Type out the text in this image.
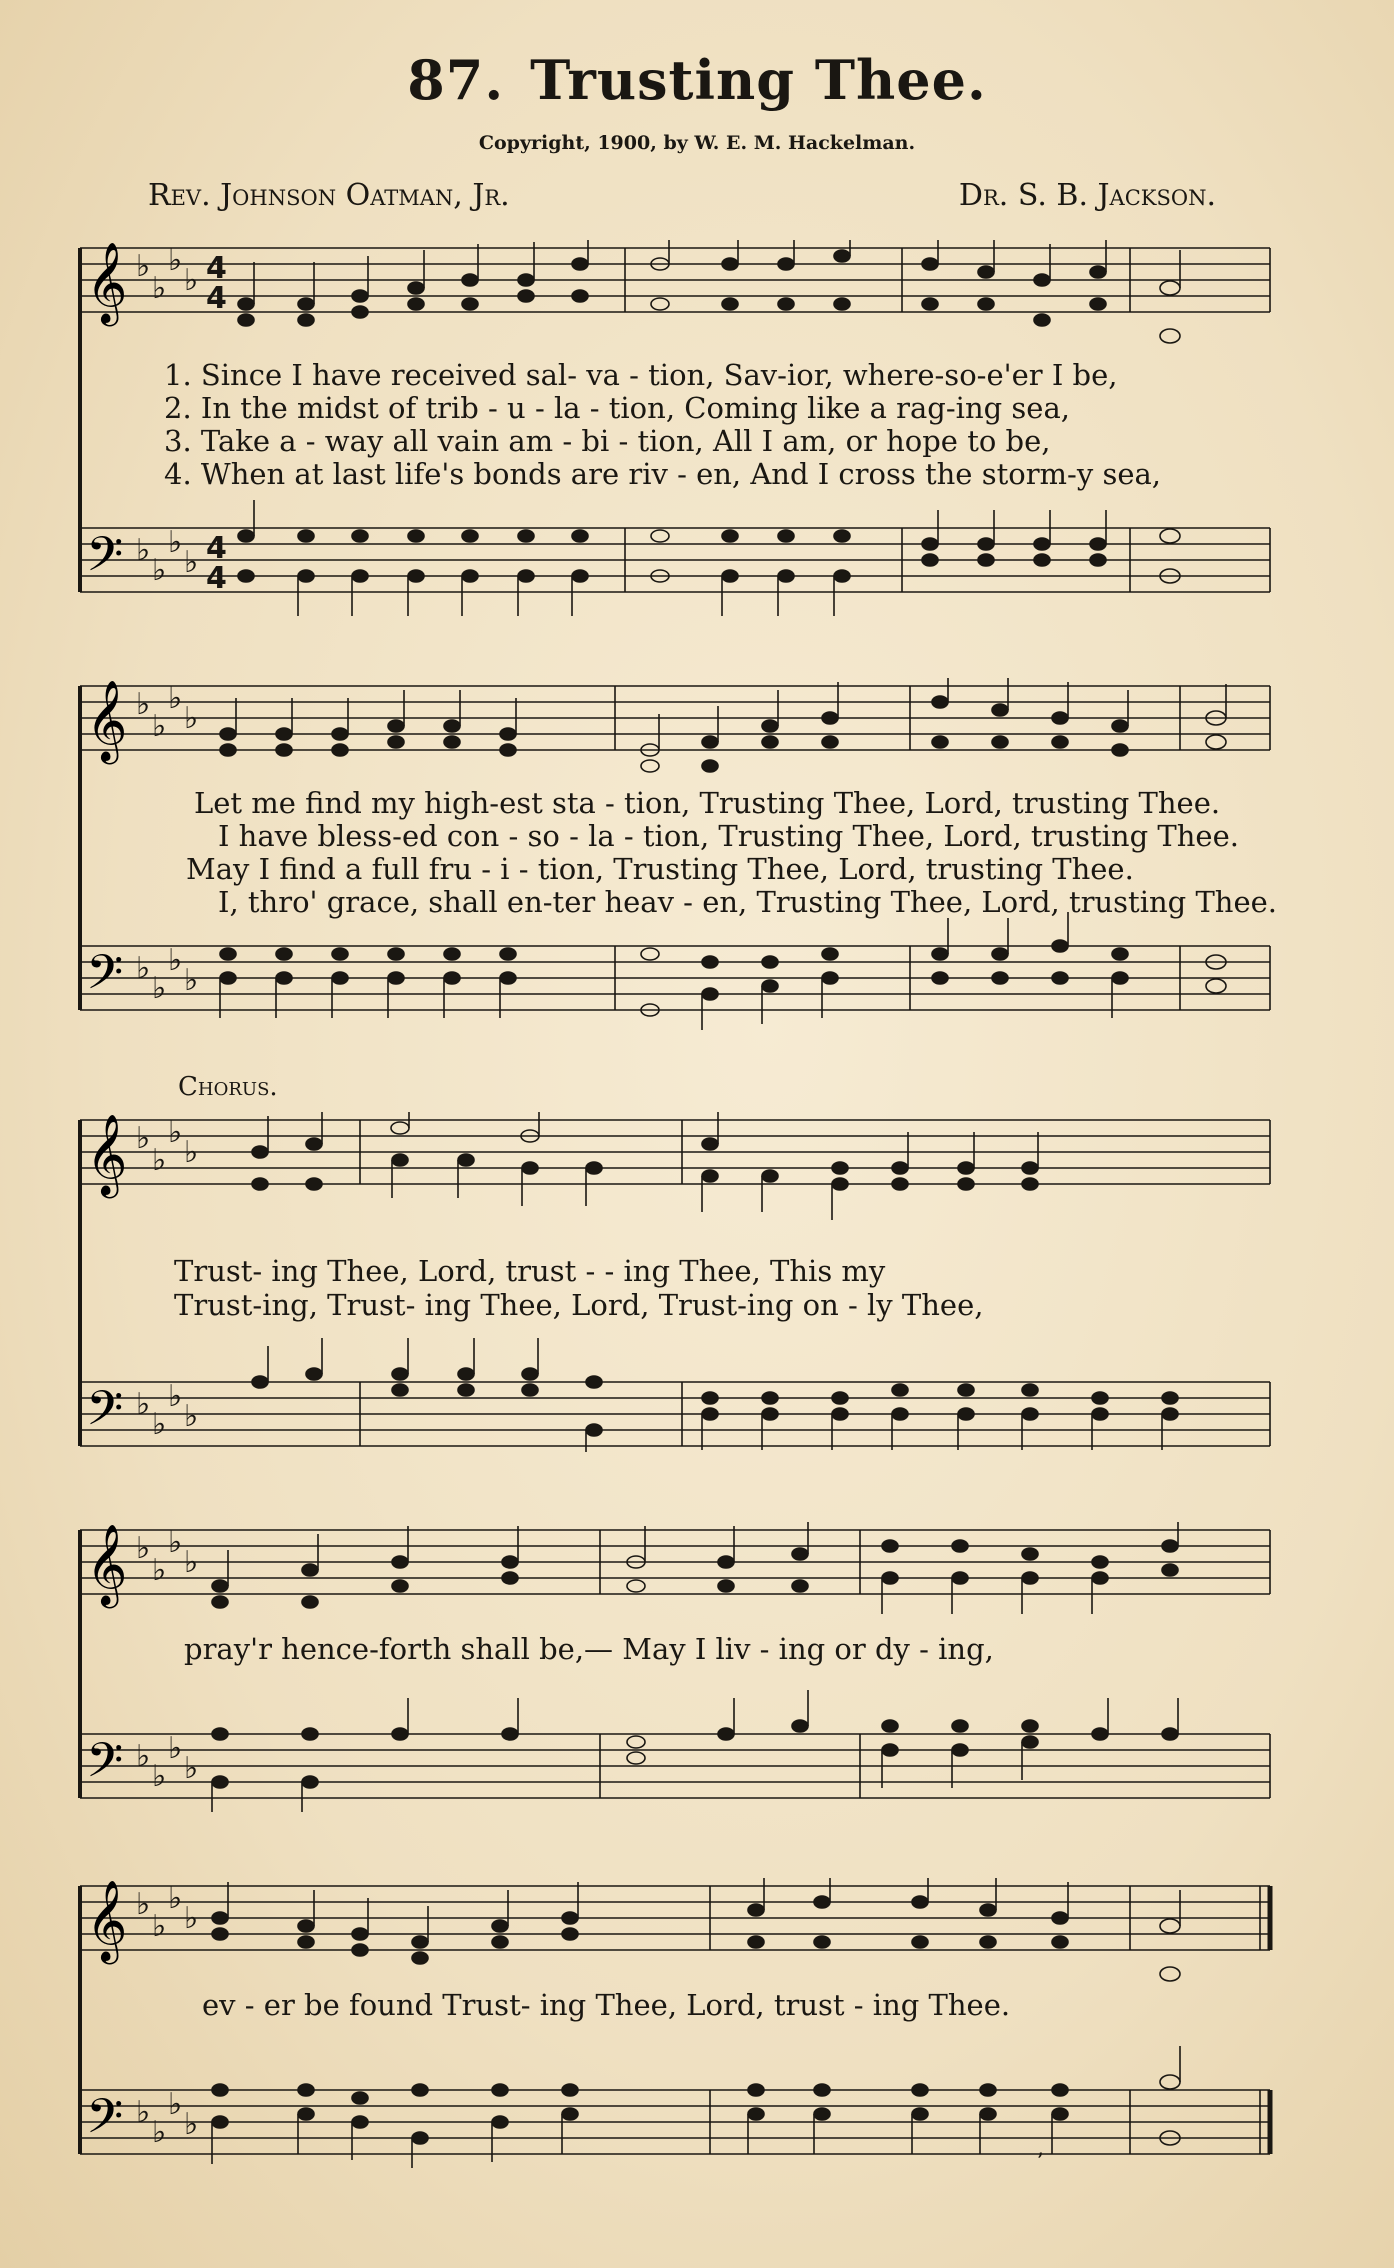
87. Trusting Thee.
Copyright, 1900, by W. E. M. Hackelman.
Rev. Johnson Oatman, Jr.	Dr. S. B. Jackson.
𝄞
𝄢
♭
♭
♭
♭
♭
♭
♭
♭
4
4
4
4
1. Since I have received sal- va - tion, Sav-ior, where-so-e'er I be,
2. In the midst of trib - u - la - tion, Coming like a rag-ing sea,
3. Take a - way all vain am - bi - tion, All I am, or hope to be,
4. When at last life's bonds are riv - en, And I cross the storm-y sea,
𝄞
𝄢
♭
♭
♭
♭
♭
♭
♭
♭
Let me find my high-est sta - tion, Trusting Thee, Lord, trusting Thee.
I have bless-ed con - so - la - tion, Trusting Thee, Lord, trusting Thee.
May I find a full fru - i - tion, Trusting Thee, Lord, trusting Thee.
I, thro' grace, shall en-ter heav - en, Trusting Thee, Lord, trusting Thee.
Chorus.
𝄞
𝄢
♭
♭
♭
♭
♭
♭
♭
♭
Trust- ing Thee, Lord, trust - - ing Thee, This my
Trust-ing, Trust- ing Thee, Lord, Trust-ing on - ly Thee,
𝄞
𝄢
♭
♭
♭
♭
♭
♭
♭
♭
pray'r hence-forth shall be,— May I liv - ing or dy - ing,
𝄞
𝄢
♭
♭
♭
♭
♭
♭
♭
♭
ev - er be found Trust- ing Thee, Lord, trust - ing Thee.
ʼ
